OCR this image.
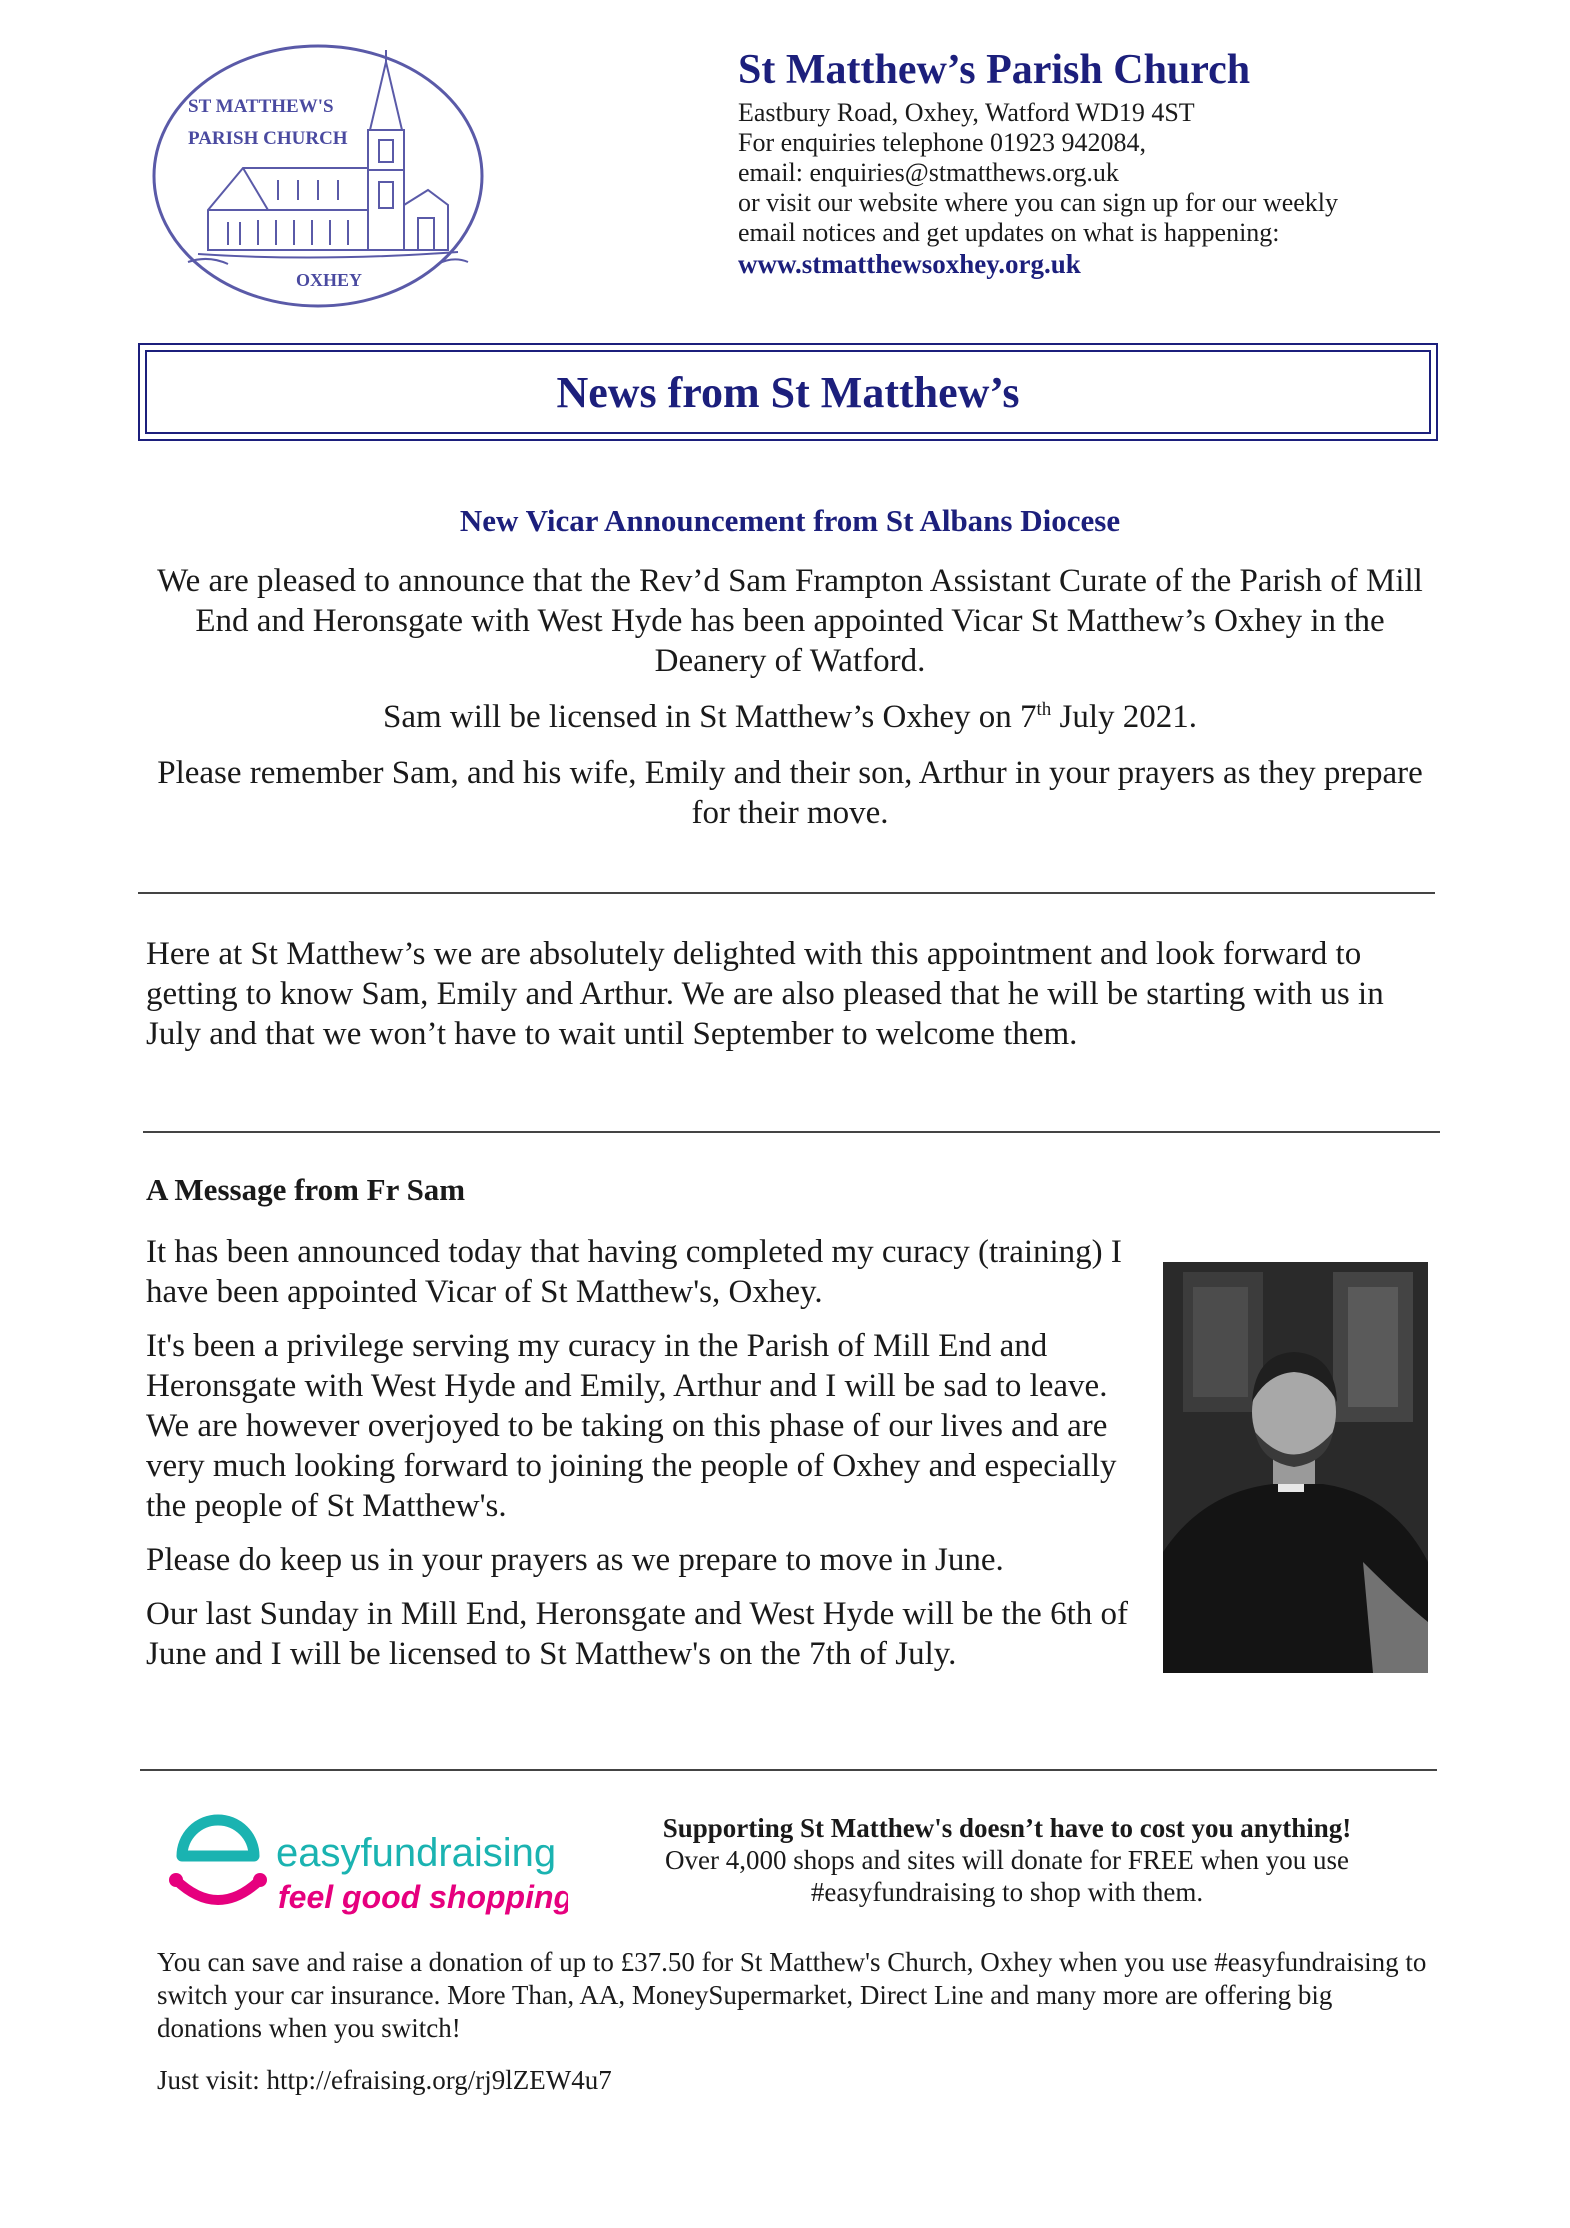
ST MATTHEW'S
PARISH CHURCH
OXHEY

St Matthew’s Parish Church

Eastbury Road, Oxhey, Watford WD19 4ST

For enquiries telephone 01923 942084,

email: enquiries@stmatthews.org.uk

or visit our website where you can sign up for our weekly

email notices and get updates on what is happening:

www.stmatthewsoxhey.org.uk

News from St Matthew’s

New Vicar Announcement from St Albans Diocese

We are pleased to announce that the Rev’d Sam Frampton Assistant Curate of the Parish of Mill End and Heronsgate with West Hyde has been appointed Vicar St Matthew’s Oxhey in the Deanery of Watford.

Sam will be licensed in St Matthew’s Oxhey on 7th July 2021.

Please remember Sam, and his wife, Emily and their son, Arthur in your prayers as they prepare for their move.

Here at St Matthew’s we are absolutely delighted with this appointment and look forward to getting to know Sam, Emily and Arthur. We are also pleased that he will be starting with us in July and that we won’t have to wait until September to welcome them.

A Message from Fr Sam

It has been announced today that having completed my curacy (training) I have been appointed Vicar of St Matthew's, Oxhey.

It's been a privilege serving my curacy in the Parish of Mill End and Heronsgate with West Hyde and Emily, Arthur and I will be sad to leave. We are however overjoyed to be taking on this phase of our lives and are very much looking forward to joining the people of Oxhey and especially the people of St Matthew's.

Please do keep us in your prayers as we prepare to move in June.

Our last Sunday in Mill End, Heronsgate and West Hyde will be the 6th of June and I will be licensed to St Matthew's on the 7th of July.

easyfundraising
feel good shopping

Supporting St Matthew's doesn’t have to cost you anything!

Over 4,000 shops and sites will donate for FREE when you use

#easyfundraising to shop with them.

You can save and raise a donation of up to £37.50 for St Matthew's Church, Oxhey when you use #easyfundraising to switch your car insurance. More Than, AA, MoneySupermarket, Direct Line and many more are offering big donations when you switch!

Just visit: http://efraising.org/rj9lZEW4u7
